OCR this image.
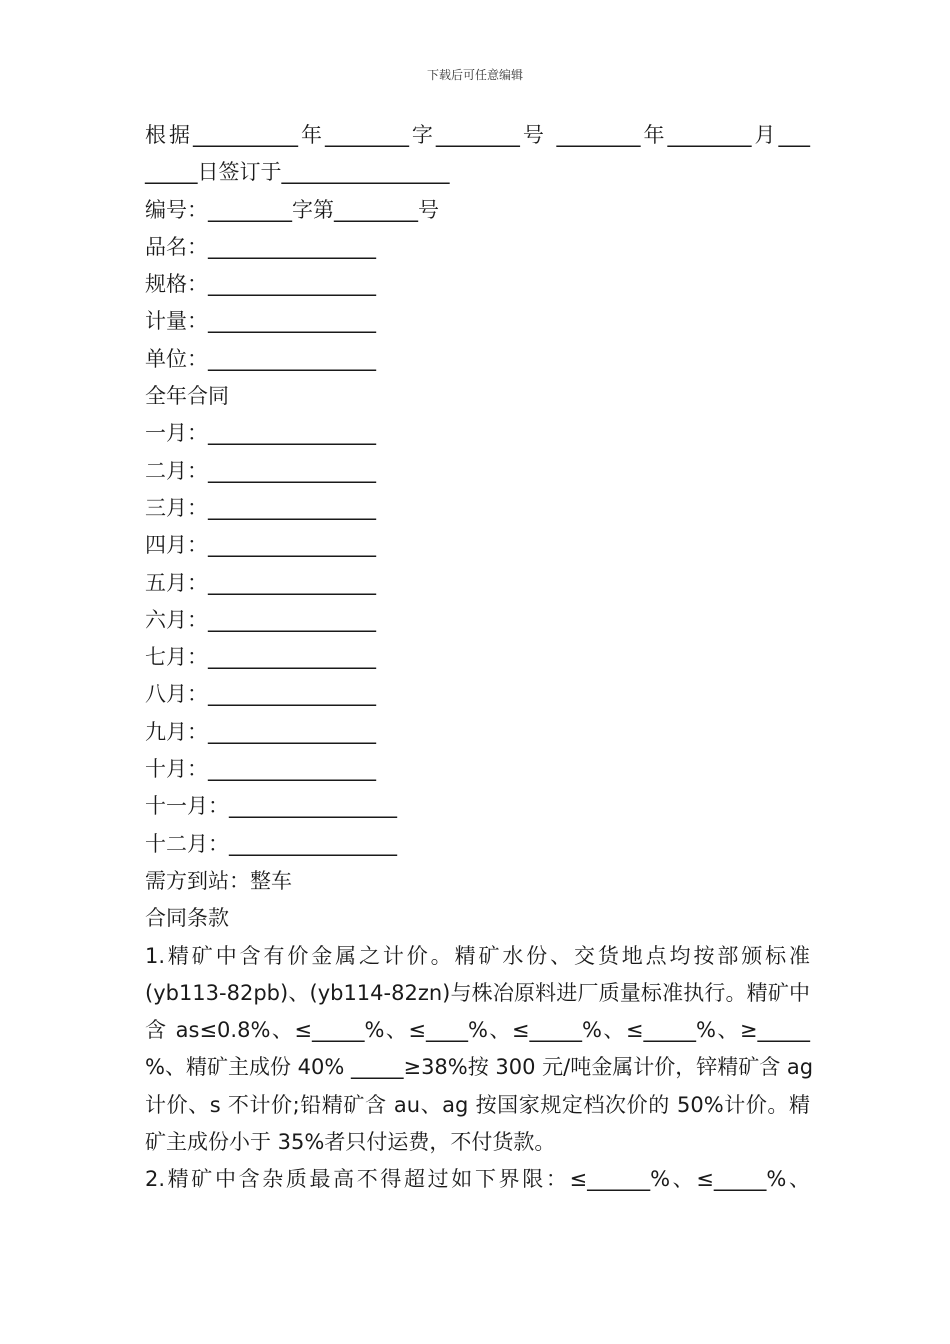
下载后可任意编辑

根据__________年________字________号 ________年________月___

_____日签订于________________

编号：________字第________号

品名：________________

规格：________________

计量：________________

单位：________________

全年合同

一月：________________

二月：________________

三月：________________

四月：________________

五月：________________

六月：________________

七月：________________

八月：________________

九月：________________

十月：________________

十一月：________________

十二月：________________

需方到站：整车

合同条款

1.精矿中含有价金属之计价。精矿水份、交货地点均按部颁标准

(yb113-82pb)、(yb114-82zn)与株冶原料进厂质量标准执行。精矿中

含 as≤0.8%、≤_____%、≤____%、≤_____%、≤_____%、≥_____

%、精矿主成份 40% _____≥38%按 300 元/吨金属计价，锌精矿含 ag

计价、s 不计价;铅精矿含 au、ag 按国家规定档次价的 50%计价。精

矿主成份小于 35%者只付运费，不付货款。

2.精矿中含杂质最高不得超过如下界限：≤______%、≤_____%、
